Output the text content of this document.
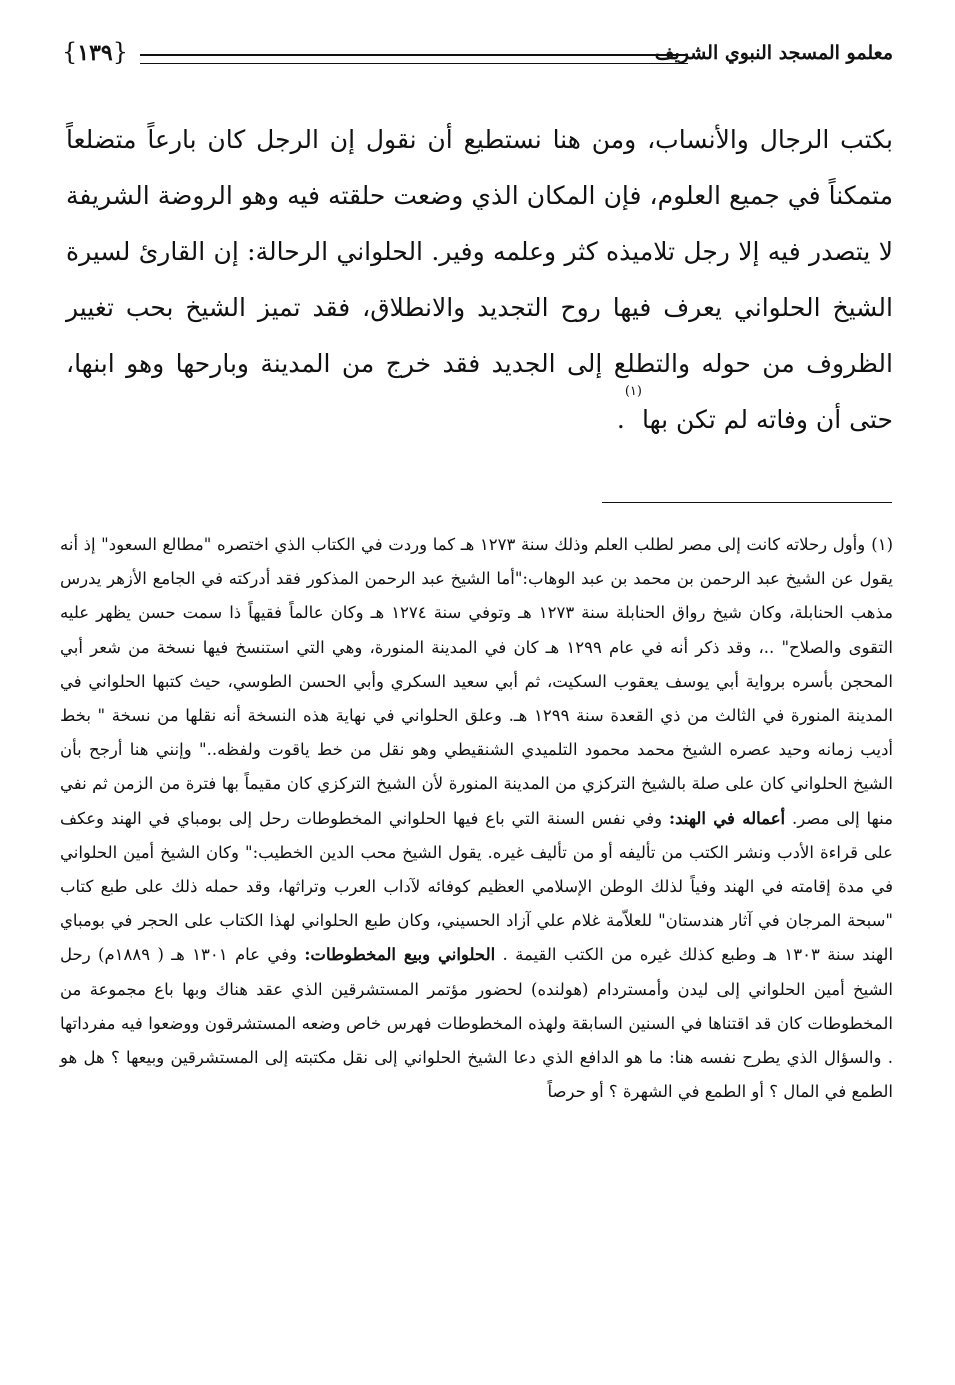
{١٣٩}	معلمو المسجد النبوي الشريف

بكتب الرجال والأنساب، ومن هنا نستطيع أن نقول إن الرجل كان بارعاً متضلعاً متمكناً في جميع العلوم، فإن المكان الذي وضعت حلقته فيه وهو الروضة الشريفة لا يتصدر فيه إلا رجل تلاميذه كثر وعلمه وفير. الحلواني الرحالة: إن القارئ لسيرة الشيخ الحلواني يعرف فيها روح التجديد والانطلاق، فقد تميز الشيخ بحب تغيير الظروف من حوله والتطلع إلى الجديد فقد خرج من المدينة وبارحها وهو ابنها، حتى أن وفاته لم تكن بها$^{(١)}$.

(١)وأول رحلاته كانت إلى مصر لطلب العلم وذلك سنة ١٢٧٣ هـ كما وردت في الكتاب الذي اختصره "مطالع السعود" إذ أنه يقول عن الشيخ عبد الرحمن بن محمد بن عبد الوهاب:"أما الشيخ عبد الرحمن المذكور فقد أدركته في الجامع الأزهر يدرس مذهب الحنابلة، وكان شيخ رواق الحنابلة سنة ١٢٧٣ هـ وتوفي سنة ١٢٧٤ هـ وكان عالماً فقيهاً ذا سمت حسن يظهر عليه التقوى والصلاح" ..، وقد ذكر أنه في عام ١٢٩٩ هـ كان في المدينة المنورة، وهي التي استنسخ فيها نسخة من شعر أبي المحجن بأسره برواية أبي يوسف يعقوب السكيت، ثم أبي سعيد السكري وأبي الحسن الطوسي، حيث كتبها الحلواني في المدينة المنورة في الثالث من ذي القعدة سنة ١٢٩٩ هـ. وعلق الحلواني في نهاية هذه النسخة أنه نقلها من نسخة " بخط أديب زمانه وحيد عصره الشيخ محمد محمود التلميدي الشنقيطي وهو نقل من خط ياقوت ولفظه.." وإنني هنا أرجح بأن الشيخ الحلواني كان على صلة بالشيخ التركزي من المدينة المنورة لأن الشيخ التركزي كان مقيماً بها فترة من الزمن ثم نفي منها إلى مصر. أعماله في الهند: وفي نفس السنة التي باع فيها الحلواني المخطوطات رحل إلى بومباي في الهند وعكف على قراءة الأدب ونشر الكتب من تأليفه أو من تأليف غيره. يقول الشيخ محب الدين الخطيب:" وكان الشيخ أمين الحلواني في مدة إقامته في الهند وفياً لذلك الوطن الإسلامي العظيم كوفائه لآداب العرب وتراثها، وقد حمله ذلك على طبع كتاب "سبحة المرجان في آثار هندستان" للعلاّمة غلام علي آزاد الحسيني، وكان طبع الحلواني لهذا الكتاب على الحجر في بومباي الهند سنة ١٣٠٣ هـ وطبع كذلك غيره من الكتب القيمة . الحلواني وبيع المخطوطات: وفي عام ١٣٠١ هـ ( ١٨٨٩م) رحل الشيخ أمين الحلواني إلى ليدن وأمستردام (هولنده) لحضور مؤتمر المستشرقين الذي عقد هناك وبها باع مجموعة من المخطوطات كان قد اقتناها في السنين السابقة ولهذه المخطوطات فهرس خاص وضعه المستشرقون ووضعوا فيه مفرداتها . والسؤال الذي يطرح نفسه هنا: ما هو الدافع الذي دعا الشيخ الحلواني إلى نقل مكتبته إلى المستشرقين وبيعها ؟ هل هو الطمع في المال ؟ أو الطمع في الشهرة ؟ أو حرصاً
